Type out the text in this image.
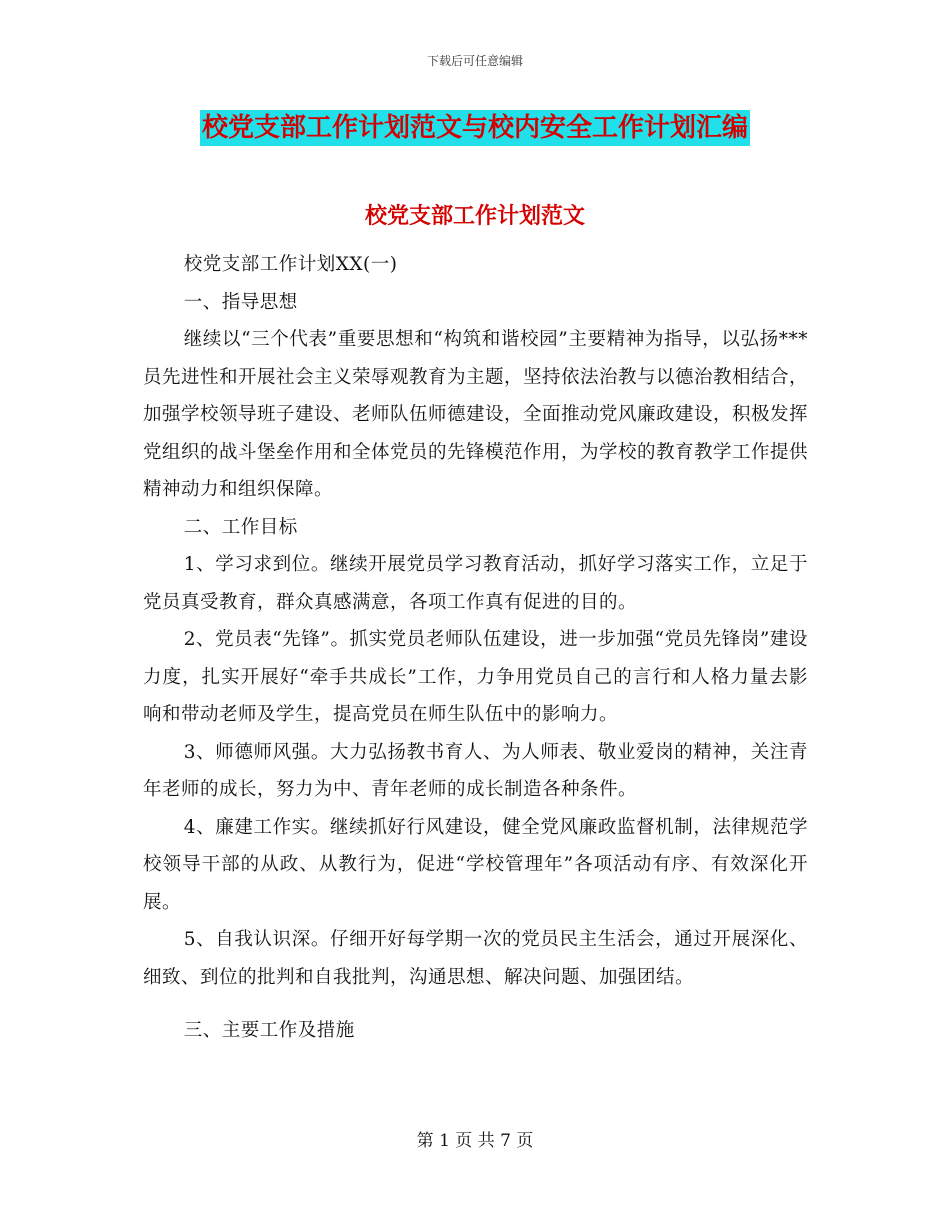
下载后可任意编辑
校党支部工作计划范文与校内安全工作计划汇编
校党支部工作计划范文

校党支部工作计划XX(一)

一、指导思想

继续以“三个代表”重要思想和“构筑和谐校园”主要精神为指导，以弘扬***员先进性和开展社会主义荣辱观教育为主题，坚持依法治教与以德治教相结合，加强学校领导班子建设、老师队伍师德建设，全面推动党风廉政建设，积极发挥党组织的战斗堡垒作用和全体党员的先锋模范作用，为学校的教育教学工作提供精神动力和组织保障。

二、工作目标

1、学习求到位。继续开展党员学习教育活动，抓好学习落实工作，立足于党员真受教育，群众真感满意，各项工作真有促进的目的。

2、党员表“先锋”。抓实党员老师队伍建设，进一步加强“党员先锋岗”建设力度，扎实开展好“牵手共成长”工作，力争用党员自己的言行和人格力量去影响和带动老师及学生，提高党员在师生队伍中的影响力。

3、师德师风强。大力弘扬教书育人、为人师表、敬业爱岗的精神，关注青年老师的成长，努力为中、青年老师的成长制造各种条件。

4、廉建工作实。继续抓好行风建设，健全党风廉政监督机制，法律规范学校领导干部的从政、从教行为，促进“学校管理年”各项活动有序、有效深化开展。

5、自我认识深。仔细开好每学期一次的党员民主生活会，通过开展深化、细致、到位的批判和自我批判，沟通思想、解决问题、加强团结。

三、主要工作及措施

第 1 页 共 7 页
